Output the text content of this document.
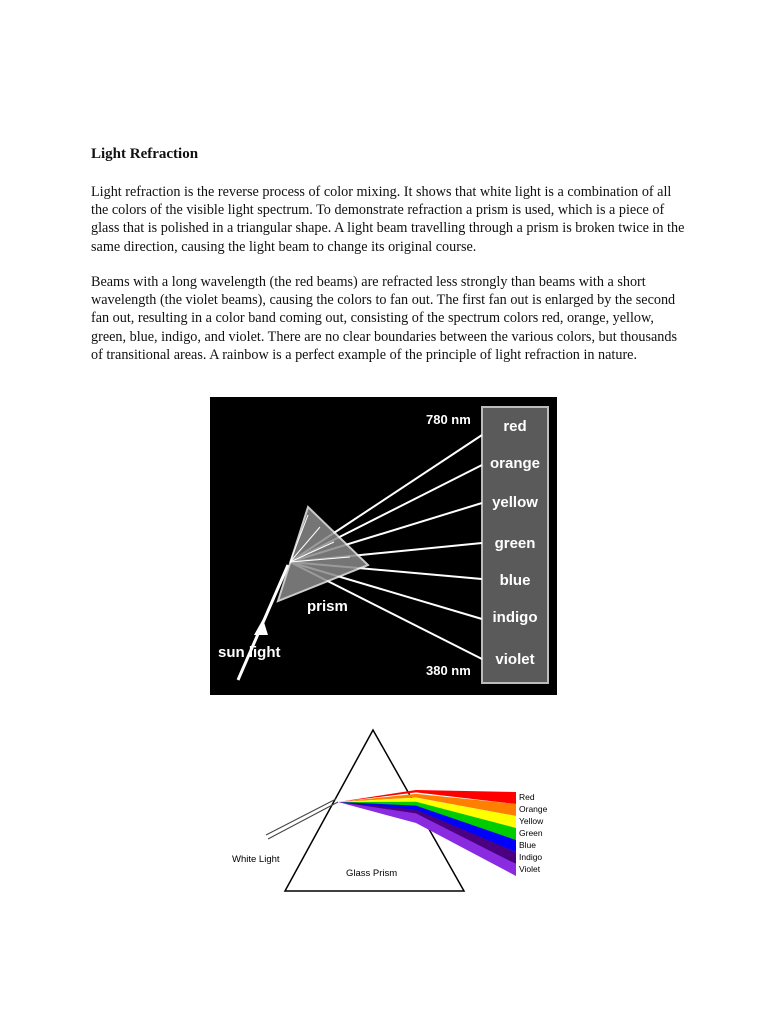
Light Refraction
Light refraction is the reverse process of color mixing. It shows that white light is a combination of all the colors of the visible light spectrum. To demonstrate refraction a prism is used, which is a piece of glass that is polished in a triangular shape. A light beam travelling through a prism is broken twice in the same direction, causing the light beam to change its original course.
Beams with a long wavelength (the red beams) are refracted less strongly than beams with a short wavelength (the violet beams), causing the colors to fan out. The first fan out is enlarged by the second fan out, resulting in a color band coming out, consisting of the spectrum colors red, orange, yellow, green, blue, indigo, and violet. There are no clear boundaries between the various colors, but thousands of transitional areas. A rainbow is a perfect example of the principle of light refraction in nature.
prism
sun light
780 nm
380 nm
red
orange
yellow
green
blue
indigo
violet
White Light
Glass Prism
Red
Orange
Yellow
Green
Blue
Indigo
Violet
